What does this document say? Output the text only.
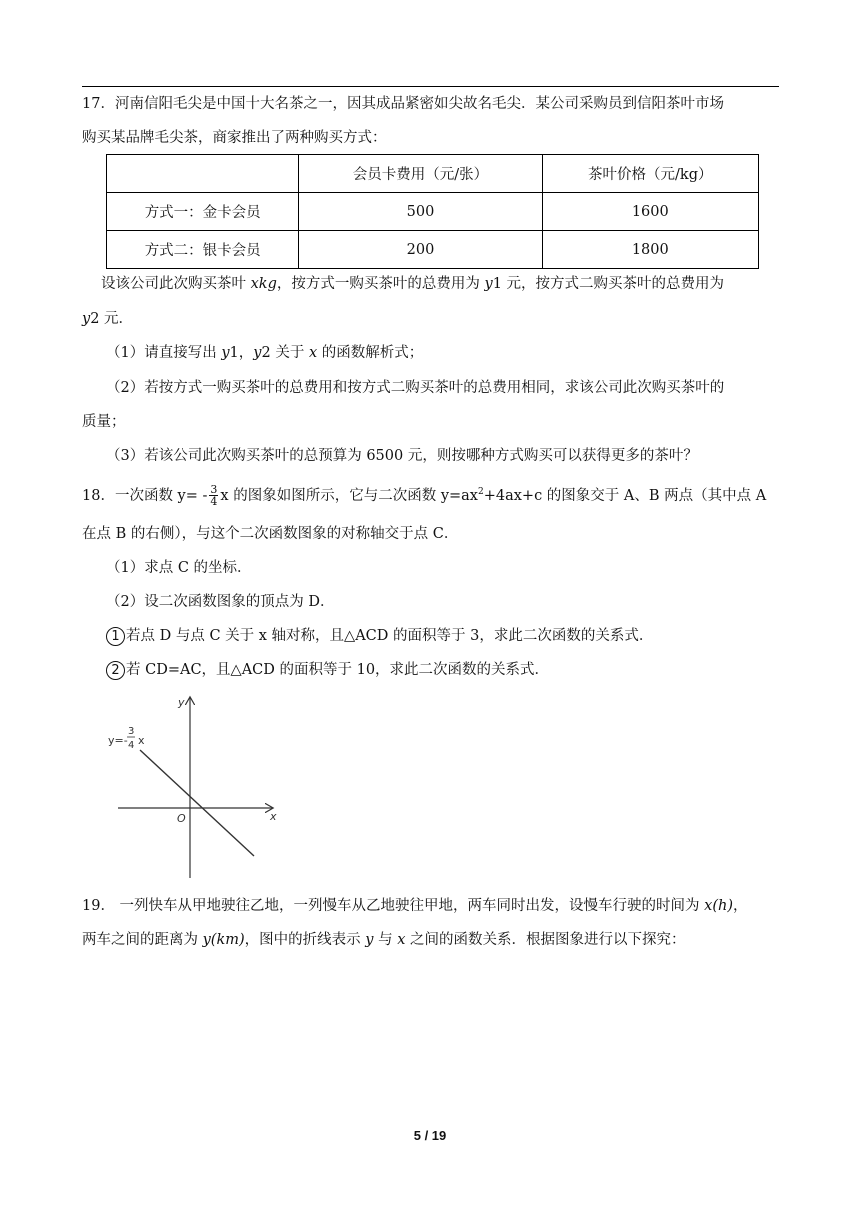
17．河南信阳毛尖是中国十大名茶之一，因其成品紧密如尖故名毛尖．某公司采购员到信阳茶叶市场
购买某品牌毛尖茶，商家推出了两种购买方式：
	会员卡费用（元/张）	茶叶价格（元/kg）
方式一：金卡会员	500	1600
方式二：银卡会员	200	1800
设该公司此次购买茶叶 xkg，按方式一购买茶叶的总费用为 y1 元，按方式二购买茶叶的总费用为
y2 元．
（1）请直接写出 y1，y2 关于 x 的函数解析式；
（2）若按方式一购买茶叶的总费用和按方式二购买茶叶的总费用相同，求该公司此次购买茶叶的
质量；
（3）若该公司此次购买茶叶的总预算为 6500 元，则按哪种方式购买可以获得更多的茶叶？
18．一次函数 $y= - \frac{3}{4}$ x 的图象如图所示，它与二次函数 $y=ax^2+4ax+c$ 的图象交于 A、B 两点（其中点 A
在点 B 的右侧），与这个二次函数图象的对称轴交于点 C．
（1）求点 C 的坐标．
（2）设二次函数图象的顶点为 D．
1 若点 D 与点 C 关于 x 轴对称，且△ACD 的面积等于 3，求此二次函数的关系式．
2 若 CD=AC，且△ACD 的面积等于 10，求此二次函数的关系式．
x
y
O
y=-
3
4 x
19． 一列快车从甲地驶往乙地，一列慢车从乙地驶往甲地，两车同时出发，设慢车行驶的时间为 x(h)，
两车之间的距离为 y(km)，图中的折线表示 y 与 x 之间的函数关系．根据图象进行以下探究：
5 / 19
